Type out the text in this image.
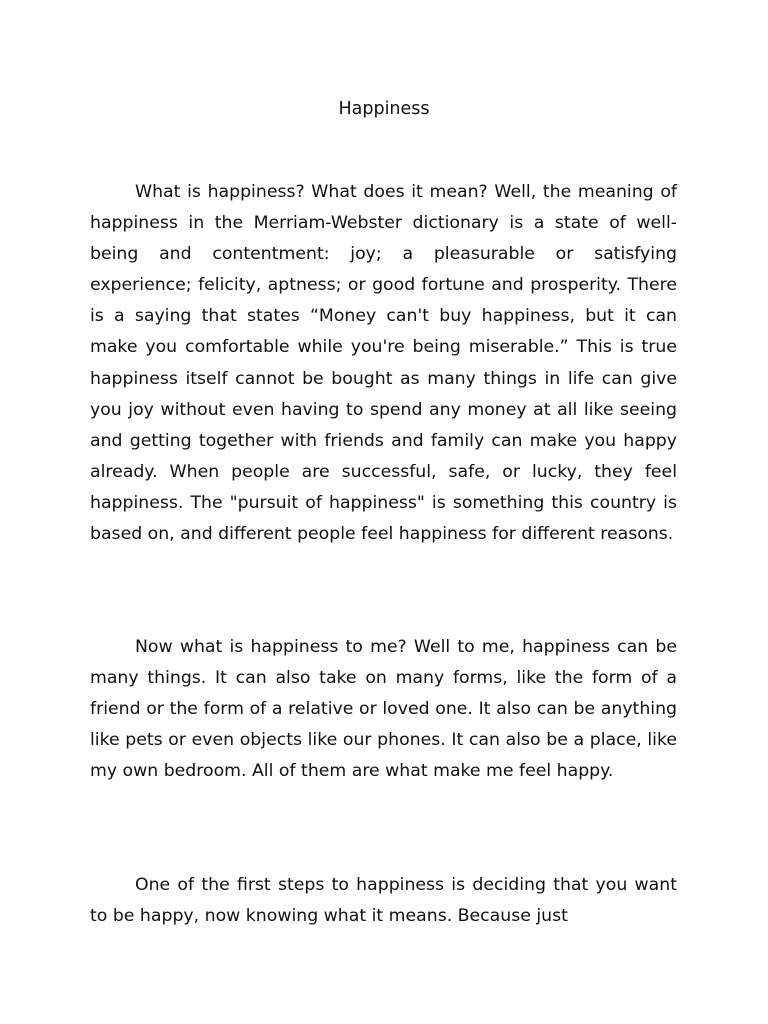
Happiness

What is happiness? What does it mean? Well, the meaning of happiness in the Merriam-Webster dictionary is a state of well-being and contentment: joy; a pleasurable or satisfying experience; felicity, aptness; or good fortune and prosperity. There is a saying that states “Money can't buy happiness, but it can make you comfortable while you're being miserable.” This is true happiness itself cannot be bought as many things in life can give you joy without even having to spend any money at all like seeing and getting together with friends and family can make you happy already. When people are successful, safe, or lucky, they feel happiness. The "pursuit of happiness" is something this country is based on, and different people feel happiness for different reasons.

Now what is happiness to me? Well to me, happiness can be many things. It can also take on many forms, like the form of a friend or the form of a relative or loved one. It also can be anything like pets or even objects like our phones. It can also be a place, like my own bedroom. All of them are what make me feel happy.

One of the first steps to happiness is deciding that you want to be happy, now knowing what it means. Because just
